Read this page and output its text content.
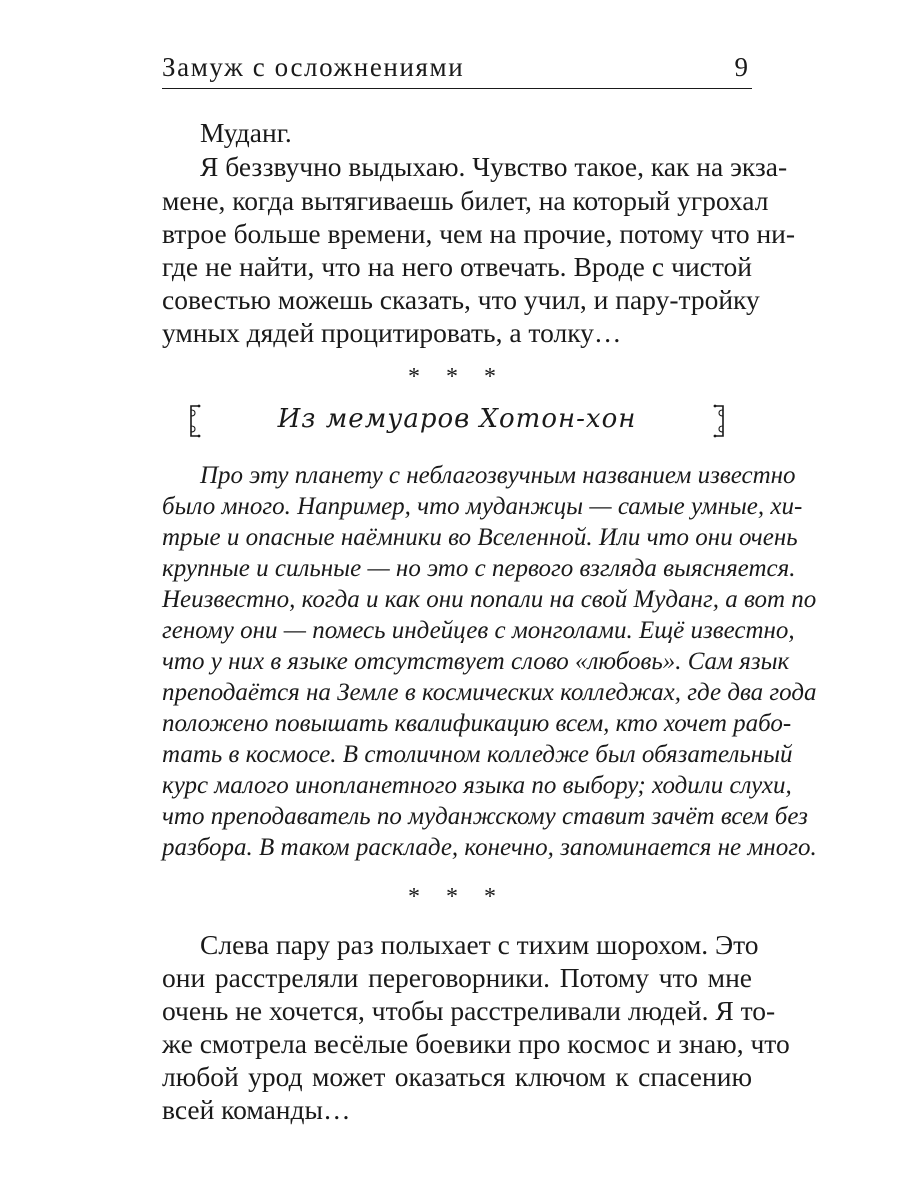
Замуж с осложнениями	9
Муданг.
Я беззвучно выдыхаю. Чувство такое, как на экза-
мене, когда вытягиваешь билет, на который угрохал
втрое больше времени, чем на прочие, потому что ни-
где не найти, что на него отвечать. Вроде с чистой
совестью можешь сказать, что учил, и пару-тройку
умных дядей процитировать, а толку…
* * *
Из мемуаров Хотон-хон
Про эту планету с неблагозвучным названием известно
было много. Например, что муданжцы — самые умные, хи-
трые и опасные наёмники во Вселенной. Или что они очень
крупные и сильные — но это с первого взгляда выясняется.
Неизвестно, когда и как они попали на свой Муданг, а вот по
геному они — помесь индейцев с монголами. Ещё известно,
что у них в языке отсутствует слово «любовь». Сам язык
преподаётся на Земле в космических колледжах, где два года
положено повышать квалификацию всем, кто хочет рабо-
тать в космосе. В столичном колледже был обязательный
курс малого инопланетного языка по выбору; ходили слухи,
что преподаватель по муданжскому ставит зачёт всем без
разбора. В таком раскладе, конечно, запоминается не много.
* * *
Слева пару раз полыхает с тихим шорохом. Это
они расстреляли переговорники. Потому что мне
очень не хочется, чтобы расстреливали людей. Я то-
же смотрела весёлые боевики про космос и знаю, что
любой урод может оказаться ключом к спасению
всей команды…
